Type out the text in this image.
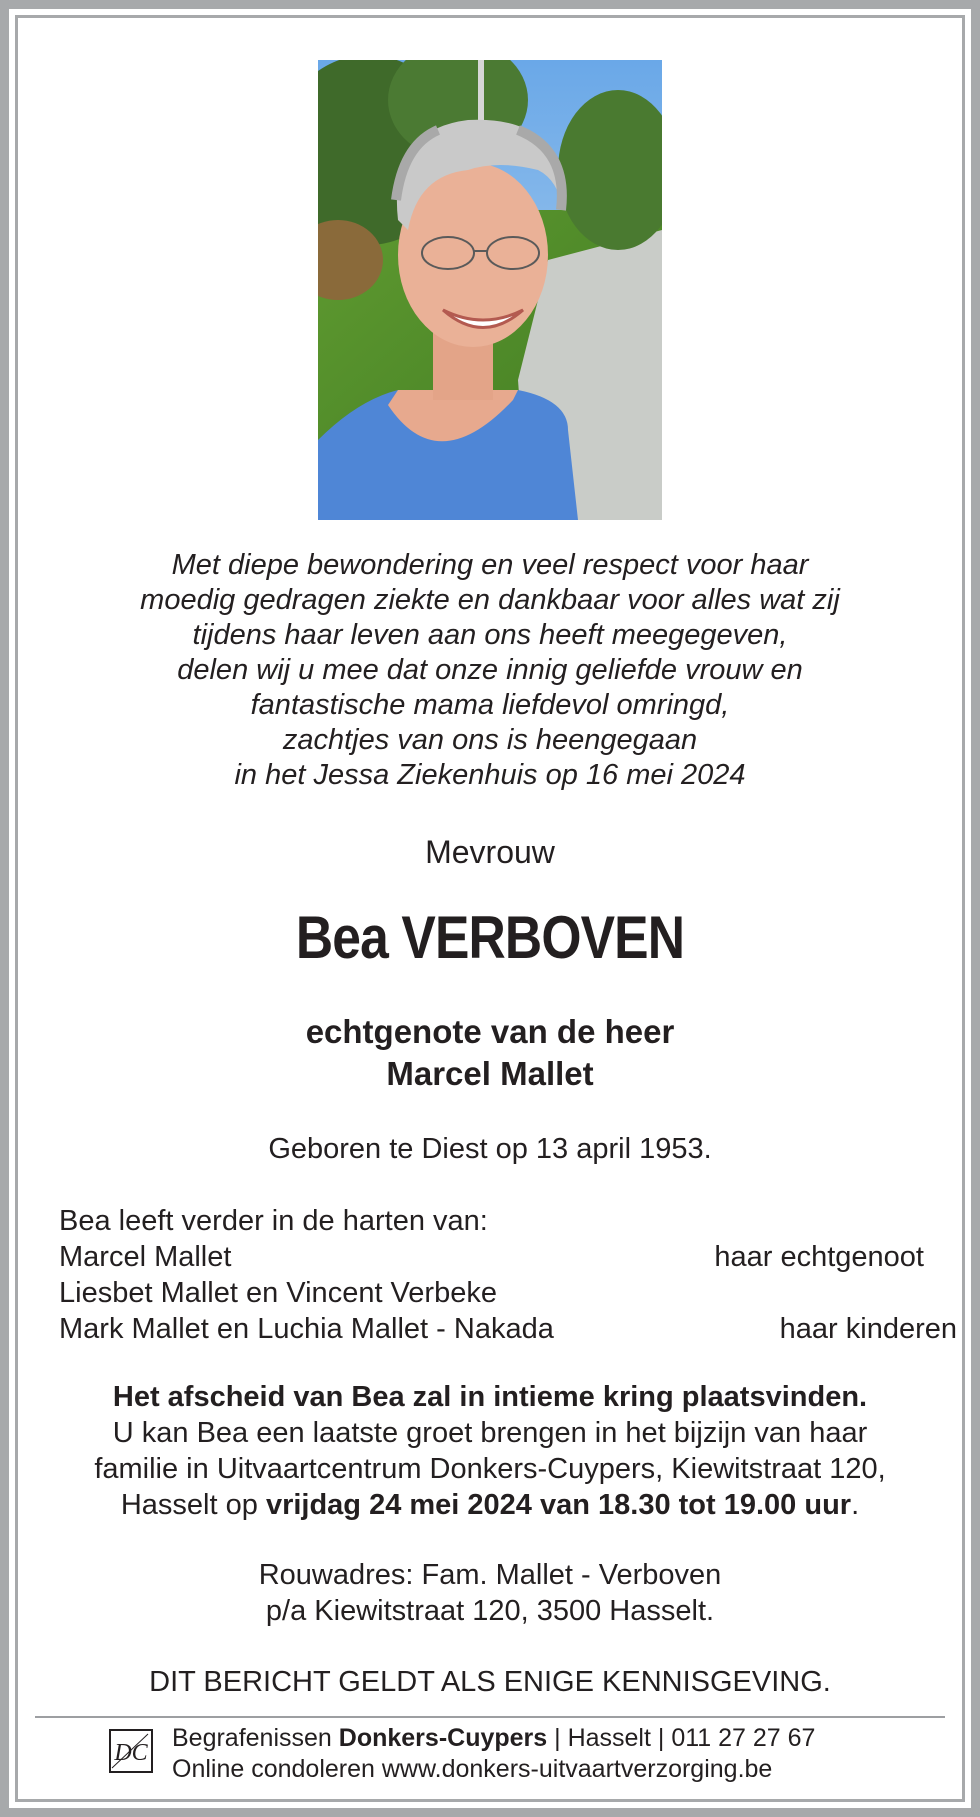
Met diepe bewondering en veel respect voor haar
moedig gedragen ziekte en dankbaar voor alles wat zij
tijdens haar leven aan ons heeft meegegeven,
delen wij u mee dat onze innig geliefde vrouw en
fantastische mama liefdevol omringd,
zachtjes van ons is heengegaan
in het Jessa Ziekenhuis op 16 mei 2024
Mevrouw
Bea VERBOVEN
echtgenote van de heer
Marcel Mallet
Geboren te Diest op 13 april 1953.
Bea leeft verder in de harten van:
Marcel Mallet	haar echtgenoot
Liesbet Mallet en Vincent Verbeke
Mark Mallet en Luchia Mallet - Nakada	haar kinderen
Het afscheid van Bea zal in intieme kring plaatsvinden.
U kan Bea een laatste groet brengen in het bijzijn van haar
familie in Uitvaartcentrum Donkers-Cuypers, Kiewitstraat 120,
Hasselt op vrijdag 24 mei 2024 van 18.30 tot 19.00 uur.
Rouwadres: Fam. Mallet - Verboven
p/a Kiewitstraat 120, 3500 Hasselt.
DIT BERICHT GELDT ALS ENIGE KENNISGEVING.
DC
Begrafenissen Donkers-Cuypers | Hasselt | 011 27 27 67
Online condoleren www.donkers-uitvaartverzorging.be
